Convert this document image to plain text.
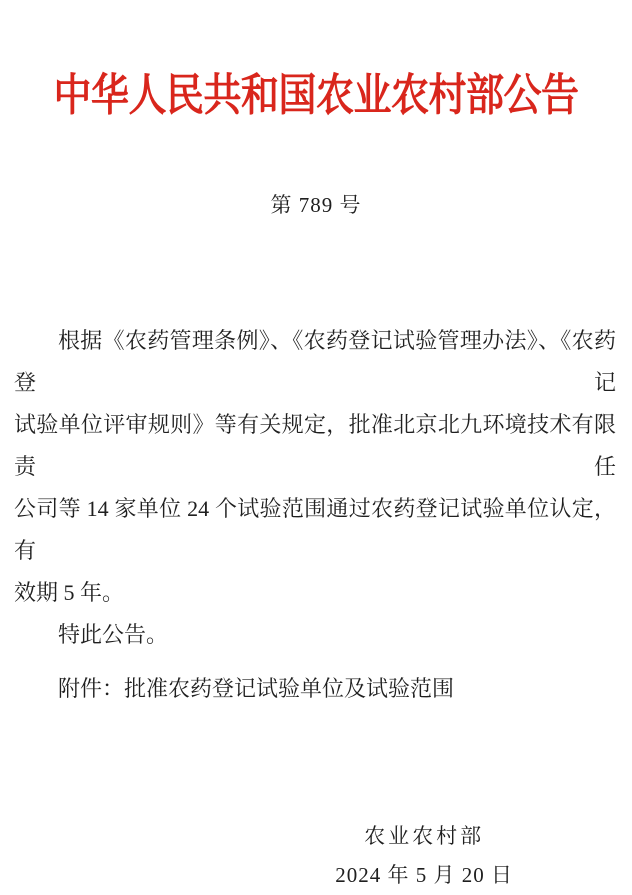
中华人民共和国农业农村部公告
第 789 号
根据《农药管理条例》、《农药登记试验管理办法》、《农药登记
试验单位评审规则》等有关规定，批准北京北九环境技术有限责任
公司等 14 家单位 24 个试验范围通过农药登记试验单位认定，有
效期 5 年。
特此公告。
附件：批准农药登记试验单位及试验范围
农业农村部
2024 年 5 月 20 日
